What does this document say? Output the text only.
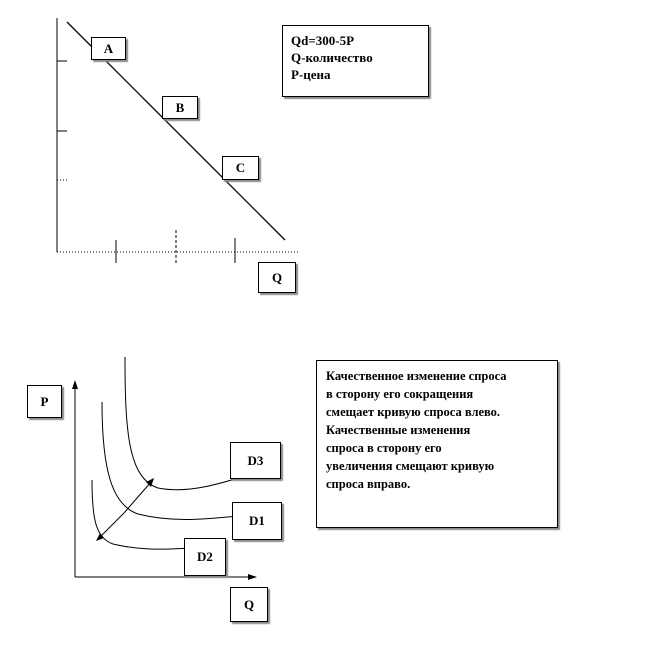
A
B
C
Q
Qd=300-5P
Q-количество
P-цена
P
D3
D1
D2
Q
Качественное изменение спроса
в сторону его сокращения
смещает кривую спроса влево.
Качественные изменения
спроса в сторону его
увеличения смещают кривую
спроса вправо.
